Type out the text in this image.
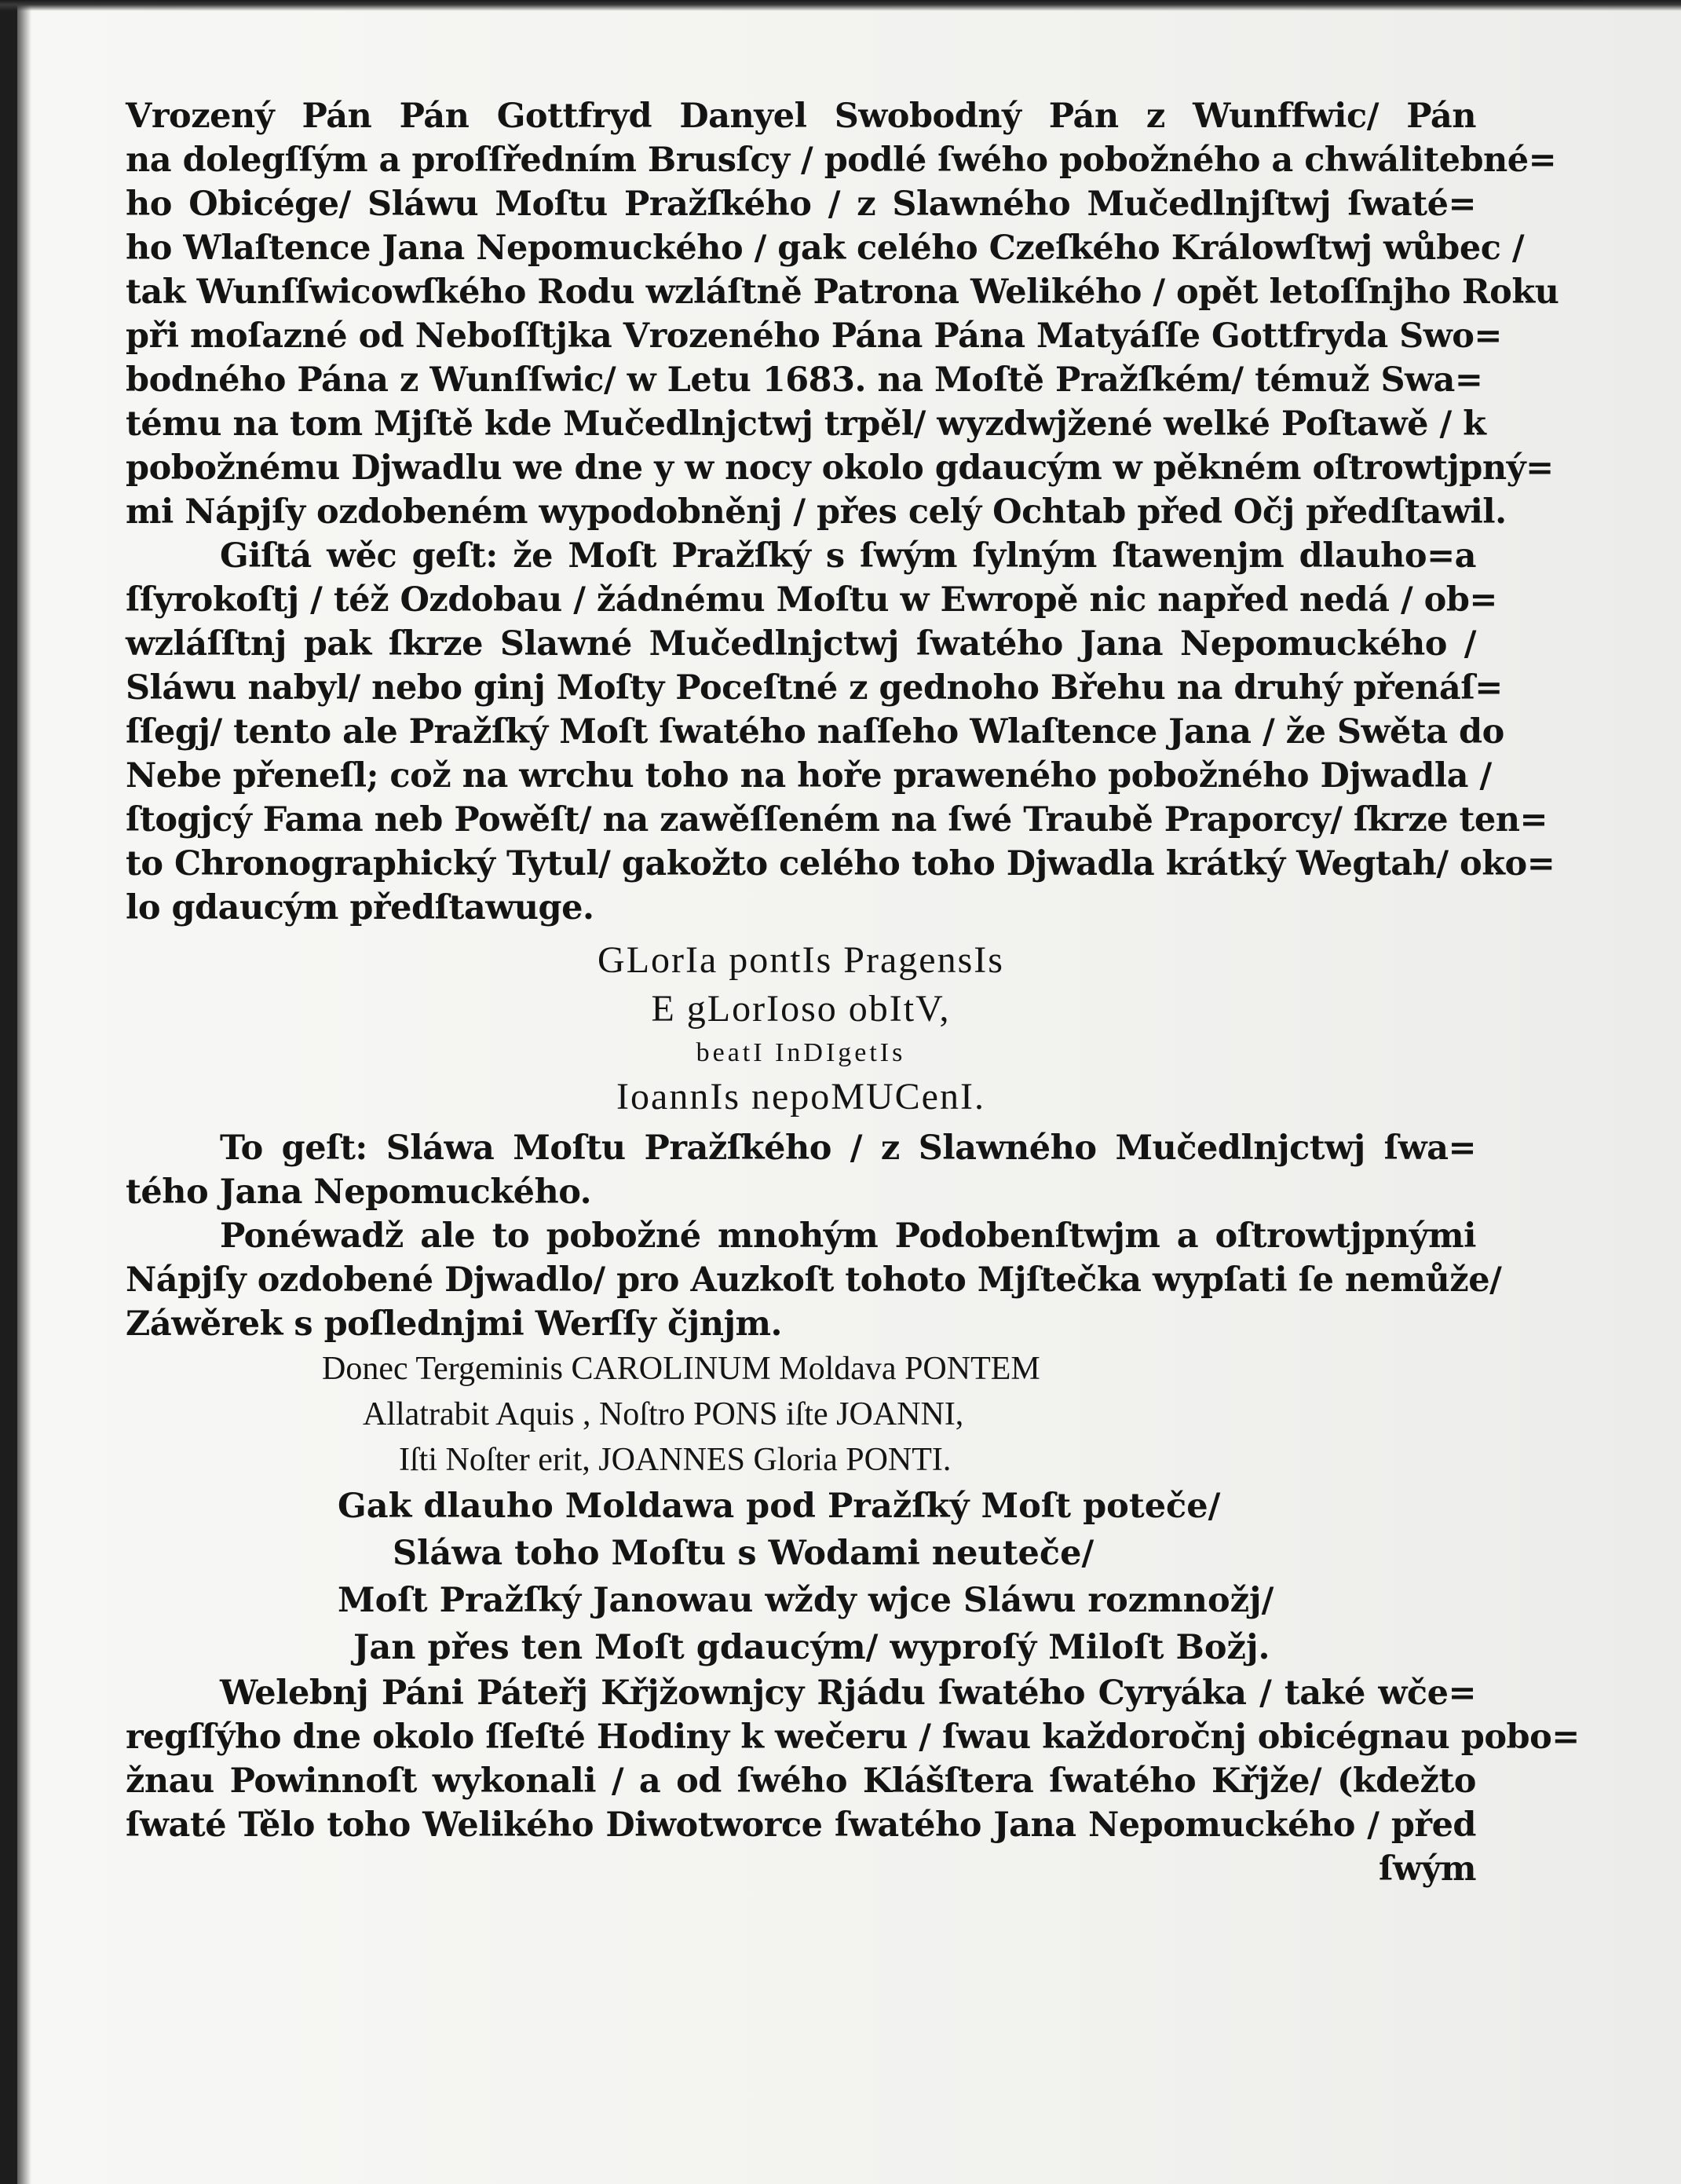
Vrozený Pán Pán Gottfryd Danyel Swobodný Pán z Wunffwic/ Pán
na dolegſſým a proſſředním Brusſcy / podlé ſwého pobožného a chwálitebné=
ho Obicége/ Sláwu Moſtu Pražſkého / z Slawného Mučedlnjſtwj ſwaté=
ho Wlaſtence Jana Nepomuckého / gak celého Czeſkého Králowſtwj wůbec /
tak Wunſſwicowſkého Rodu wzláſtně Patrona Welikého / opět letoſſnjho Roku
při moſazné od Neboſſtjka Vrozeného Pána Pána Matyáſſe Gottfryda Swo=
bodného Pána z Wunſſwic/ w Letu 1683. na Moſtě Pražſkém/ témuž Swa=
tému na tom Mjſtě kde Mučedlnjctwj trpěl/ wyzdwjžené welké Poſtawě / k
pobožnému Djwadlu we dne y w nocy okolo gdaucým w pěkném oſtrowtjpný=
mi Nápjſy ozdobeném wypodobněnj / přes celý Ochtab před Očj předſtawil.
Giſtá wěc geſt: že Moſt Pražſký s ſwým ſylným ſtawenjm dlauho=a
ſſyrokoſtj / též Ozdobau / žádnému Moſtu w Ewropě nic napřed nedá / ob=
wzláſſtnj pak ſkrze Slawné Mučedlnjctwj ſwatého Jana Nepomuckého /
Sláwu nabyl/ nebo ginj Moſty Poceſtné z gednoho Břehu na druhý přenáſ=
ſſegj/ tento ale Pražſký Moſt ſwatého naſſeho Wlaſtence Jana / že Swěta do
Nebe přeneſl; což na wrchu toho na hoře praweného pobožného Djwadla /
ſtogjcý Fama neb Powěſt/ na zawěſſeném na ſwé Traubě Praporcy/ ſkrze ten=
to Chronographický Tytul/ gakožto celého toho Djwadla krátký Wegtah/ oko=
lo gdaucým předſtawuge.
GLorIa pontIs PragensIs
E gLorIoso obItV,
beatI InDIgetIs
IoannIs nepoMUCenI.
To geſt: Sláwa Moſtu Pražſkého / z Slawného Mučedlnjctwj ſwa=
tého Jana Nepomuckého.
Ponéwadž ale to pobožné mnohým Podobenſtwjm a oſtrowtjpnými
Nápjſy ozdobené Djwadlo/ pro Auzkoſt tohoto Mjſtečka wypſati ſe nemůže/
Záwěrek s poſlednjmi Werſſy čjnjm.
Donec Tergeminis CAROLINUM Moldava PONTEM
Allatrabit Aquis , Noſtro PONS iſte JOANNI,
Iſti Noſter erit, JOANNES Gloria PONTI.
Gak dlauho Moldawa pod Pražſký Moſt poteče/
Sláwa toho Moſtu s Wodami neuteče/
Moſt Pražſký Janowau wždy wjce Sláwu rozmnožj/
Jan přes ten Moſt gdaucým/ wyproſý Miloſt Božj.
Welebnj Páni Páteřj Křjžownjcy Rjádu ſwatého Cyryáka / také wče=
regſſýho dne okolo ſſeſté Hodiny k wečeru / ſwau každoročnj obicégnau pobo=
žnau Powinnoſt wykonali / a od ſwého Klášſtera ſwatého Křjže/ (kdežto
ſwaté Tělo toho Welikého Diwotworce ſwatého Jana Nepomuckého / před
ſwým
